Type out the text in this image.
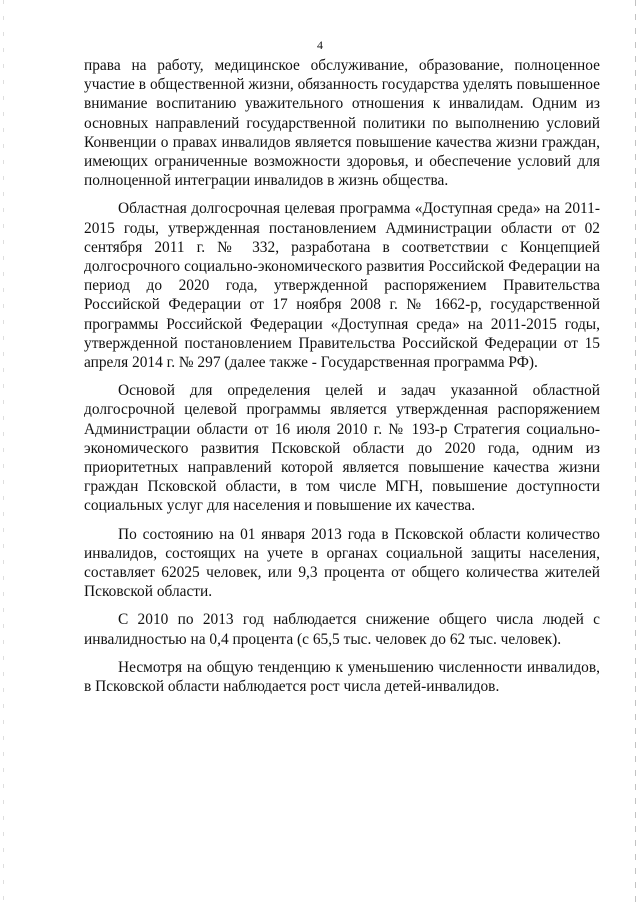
4

права на работу, медицинское обслуживание, образование, полноценное участие в общественной жизни, обязанность государства уделять повышенное внимание воспитанию уважительного отношения к инвалидам. Одним из основных направлений государственной политики по выполнению условий Конвенции о правах инвалидов является повышение качества жизни граждан, имеющих ограниченные возможности здоровья, и обеспечение условий для полноценной интеграции инвалидов в жизнь общества.

Областная долгосрочная целевая программа «Доступная среда» на 2011-2015 годы, утвержденная постановлением Администрации области от 02 сентября 2011 г. № 332, разработана в соответствии с Концепцией долгосрочного социально-экономического развития Российской Федерации на период до 2020 года, утвержденной распоряжением Правительства Российской Федерации от 17 ноября 2008 г. № 1662-р, государственной программы Российской Федерации «Доступная среда» на 2011-2015 годы, утвержденной постановлением Правительства Российской Федерации от 15 апреля 2014 г. № 297 (далее также - Государственная программа РФ).

Основой для определения целей и задач указанной областной долгосрочной целевой программы является утвержденная распоряжением Администрации области от 16 июля 2010 г. № 193-р Стратегия социально-экономического развития Псковской области до 2020 года, одним из приоритетных направлений которой является повышение качества жизни граждан Псковской области, в том числе МГН, повышение доступности социальных услуг для населения и повышение их качества.

По состоянию на 01 января 2013 года в Псковской области количество инвалидов, состоящих на учете в органах социальной защиты населения, составляет 62025 человек, или 9,3 процента от общего количества жителей Псковской области.

С 2010 по 2013 год наблюдается снижение общего числа людей с инвалидностью на 0,4 процента (с 65,5 тыс. человек до 62 тыс. человек).

Несмотря на общую тенденцию к уменьшению численности инвалидов, в Псковской области наблюдается рост числа детей-инвалидов.
